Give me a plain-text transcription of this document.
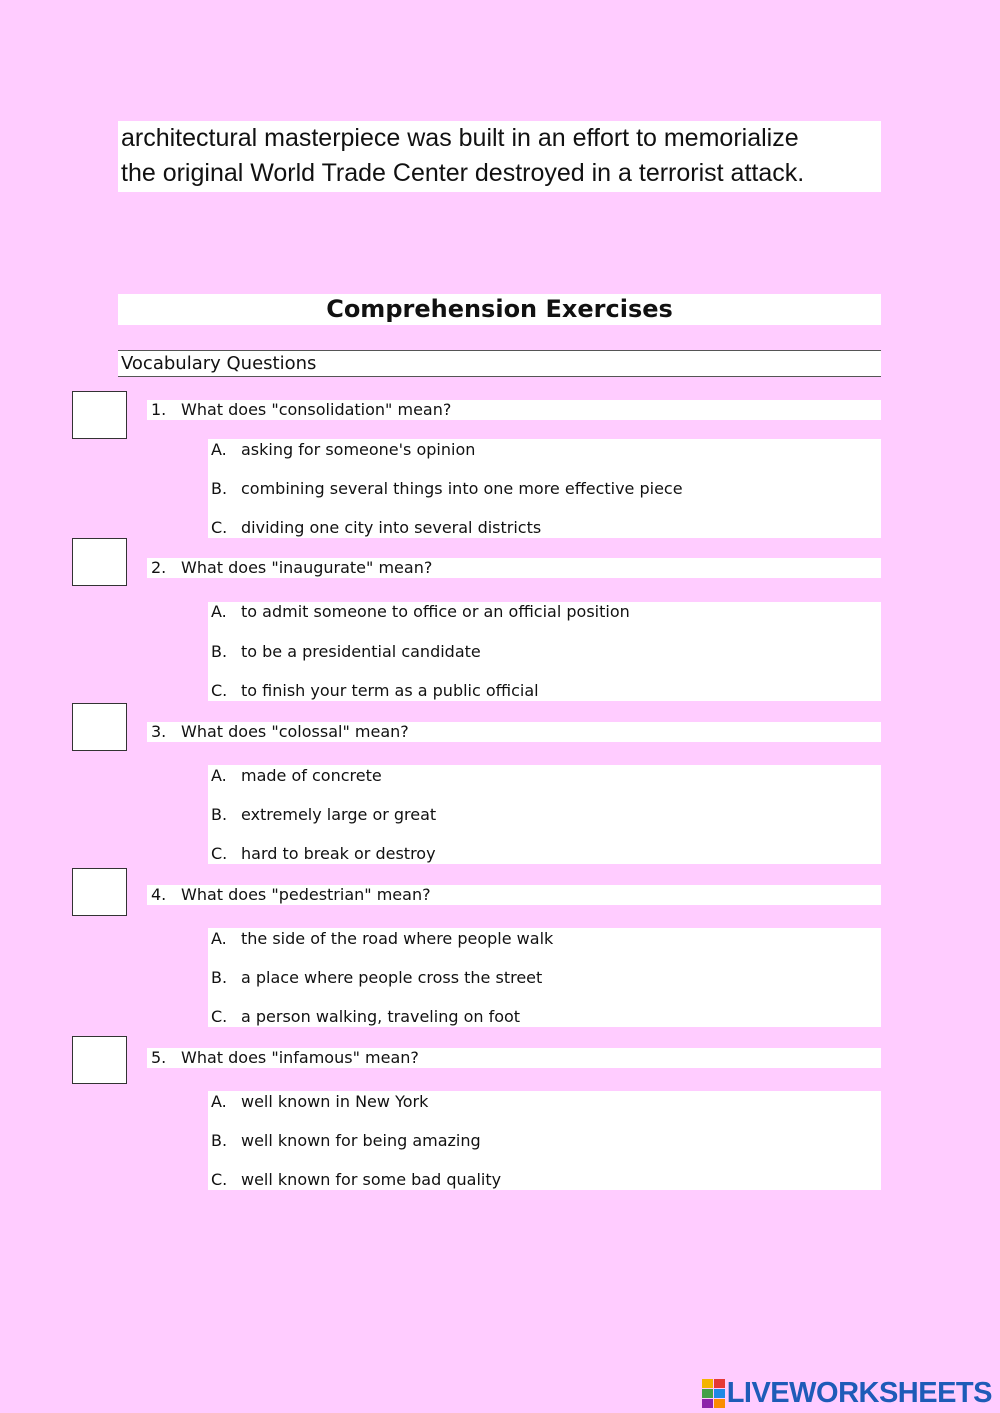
architectural masterpiece was built in an effort to memorialize
the original World Trade Center destroyed in a terrorist attack.
Comprehension Exercises
Vocabulary Questions
1. What does "consolidation" mean?
A. asking for someone's opinion
B. combining several things into one more effective piece
C. dividing one city into several districts
2. What does "inaugurate" mean?
A. to admit someone to office or an official position
B. to be a presidential candidate
C. to finish your term as a public official
3. What does "colossal" mean?
A. made of concrete
B. extremely large or great
C. hard to break or destroy
4. What does "pedestrian" mean?
A. the side of the road where people walk
B. a place where people cross the street
C. a person walking, traveling on foot
5. What does "infamous" mean?
A. well known in New York
B. well known for being amazing
C. well known for some bad quality
LIVEWORKSHEETS
